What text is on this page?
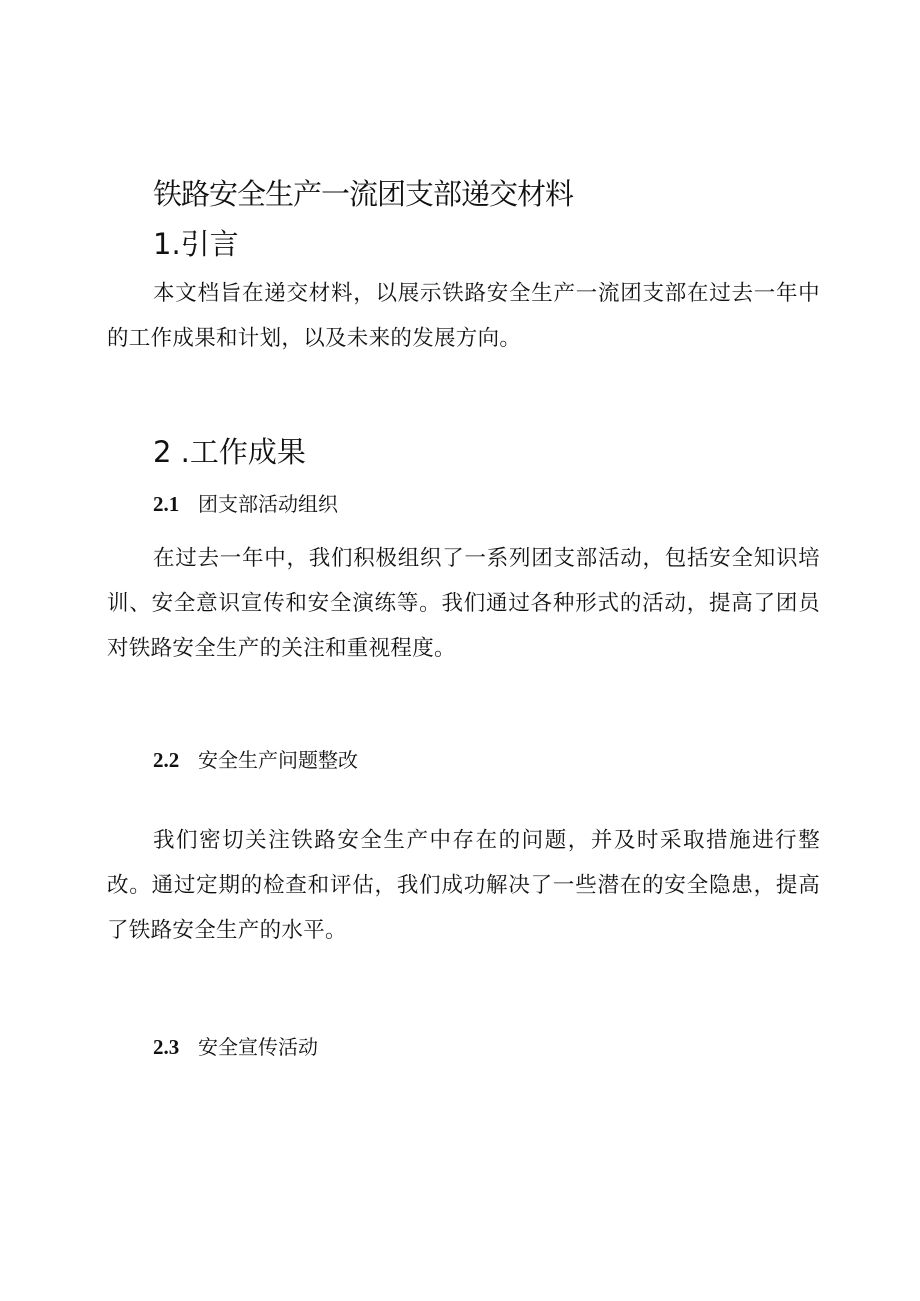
铁路安全生产一流团支部递交材料
1.引言

本文档旨在递交材料，以展示铁路安全生产一流团支部在过去一年中的工作成果和计划，以及未来的发展方向。

2 .工作成果
2.1 团支部活动组织

在过去一年中，我们积极组织了一系列团支部活动，包括安全知识培训、安全意识宣传和安全演练等。我们通过各种形式的活动，提高了团员对铁路安全生产的关注和重视程度。

2.2 安全生产问题整改

我们密切关注铁路安全生产中存在的问题，并及时采取措施进行整改。通过定期的检查和评估，我们成功解决了一些潜在的安全隐患，提高了铁路安全生产的水平。

2.3 安全宣传活动
